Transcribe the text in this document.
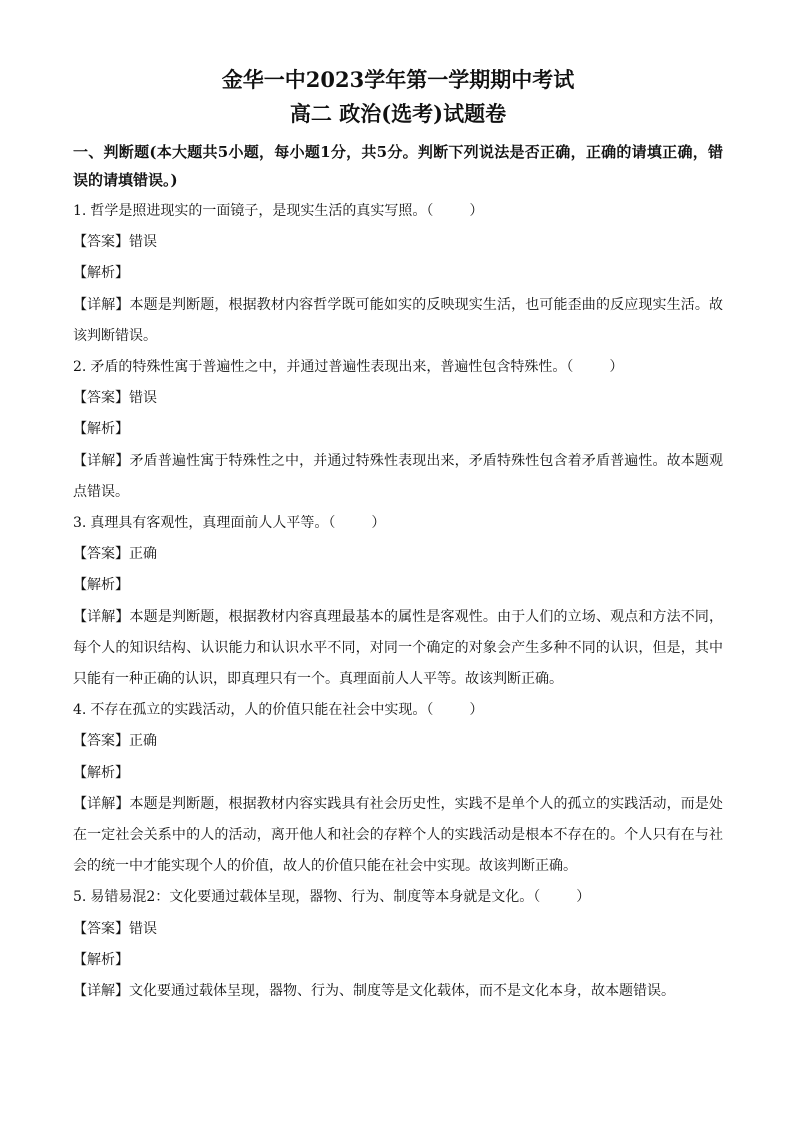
金华一中2023学年第一学期期中考试
高二 政治(选考)试题卷

一、判断题(本大题共5小题，每小题1分，共5分。判断下列说法是否正确，正确的请填正确，错误的请填错误。)

1. 哲学是照进现实的一面镜子，是现实生活的真实写照。（	）

【答案】错误

【解析】

【详解】本题是判断题，根据教材内容哲学既可能如实的反映现实生活，也可能歪曲的反应现实生活。故该判断错误。

2. 矛盾的特殊性寓于普遍性之中，并通过普遍性表现出来，普遍性包含特殊性。（	）

【答案】错误

【解析】

【详解】矛盾普遍性寓于特殊性之中，并通过特殊性表现出来，矛盾特殊性包含着矛盾普遍性。故本题观点错误。

3. 真理具有客观性，真理面前人人平等。（	）

【答案】正确

【解析】

【详解】本题是判断题，根据教材内容真理最基本的属性是客观性。由于人们的立场、观点和方法不同，每个人的知识结构、认识能力和认识水平不同，对同一个确定的对象会产生多种不同的认识，但是，其中只能有一种正确的认识，即真理只有一个。真理面前人人平等。故该判断正确。

4. 不存在孤立的实践活动，人的价值只能在社会中实现。（	）

【答案】正确

【解析】

【详解】本题是判断题，根据教材内容实践具有社会历史性，实践不是单个人的孤立的实践活动，而是处在一定社会关系中的人的活动，离开他人和社会的存粹个人的实践活动是根本不存在的。个人只有在与社会的统一中才能实现个人的价值，故人的价值只能在社会中实现。故该判断正确。

5. 易错易混2：文化要通过载体呈现，器物、行为、制度等本身就是文化。（	）

【答案】错误

【解析】

【详解】文化要通过载体呈现，器物、行为、制度等是文化载体，而不是文化本身，故本题错误。
